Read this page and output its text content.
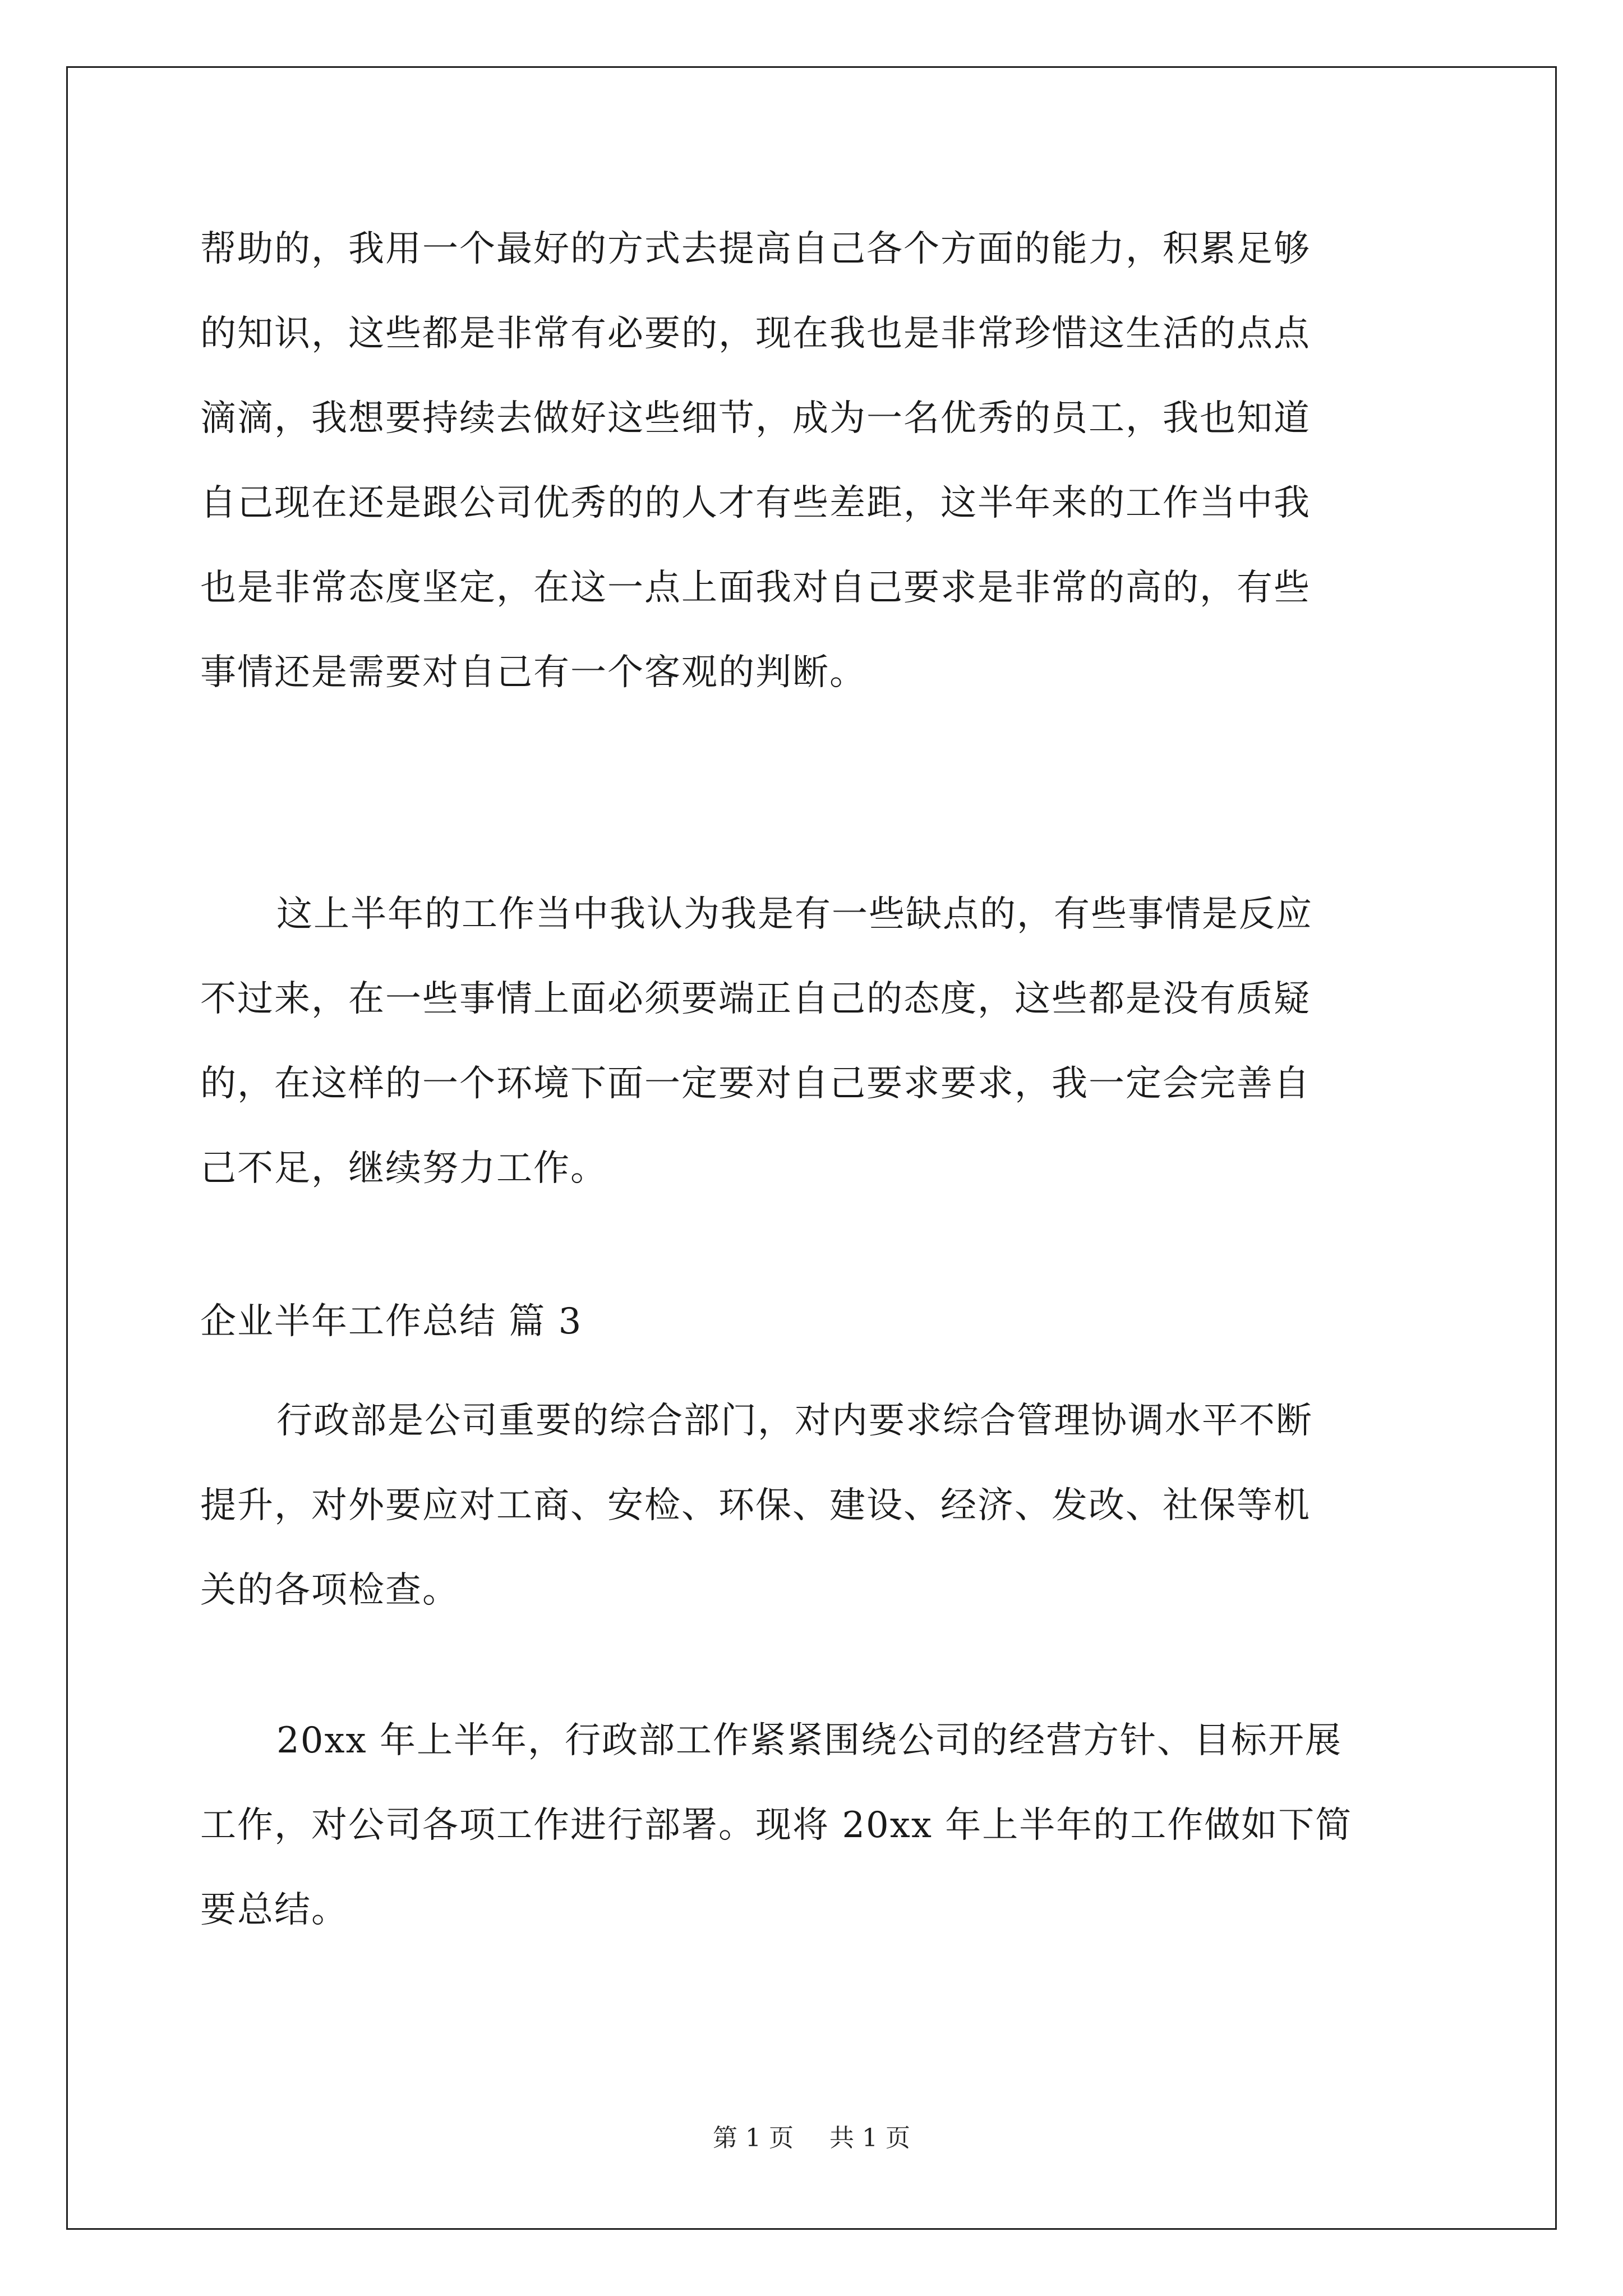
帮助的，我用一个最好的方式去提高自己各个方面的能力，积累足够
的知识，这些都是非常有必要的，现在我也是非常珍惜这生活的点点
滴滴，我想要持续去做好这些细节，成为一名优秀的员工，我也知道
自己现在还是跟公司优秀的的人才有些差距，这半年来的工作当中我
也是非常态度坚定，在这一点上面我对自己要求是非常的高的，有些
事情还是需要对自己有一个客观的判断。
这上半年的工作当中我认为我是有一些缺点的，有些事情是反应
不过来，在一些事情上面必须要端正自己的态度，这些都是没有质疑
的，在这样的一个环境下面一定要对自己要求要求，我一定会完善自
己不足，继续努力工作。
企业半年工作总结 篇 3
行政部是公司重要的综合部门，对内要求综合管理协调水平不断
提升，对外要应对工商、安检、环保、建设、经济、发改、社保等机
关的各项检查。
20xx 年上半年，行政部工作紧紧围绕公司的经营方针、目标开展
工作，对公司各项工作进行部署。现将 20xx 年上半年的工作做如下简
要总结。
第 1 页 共 1 页
